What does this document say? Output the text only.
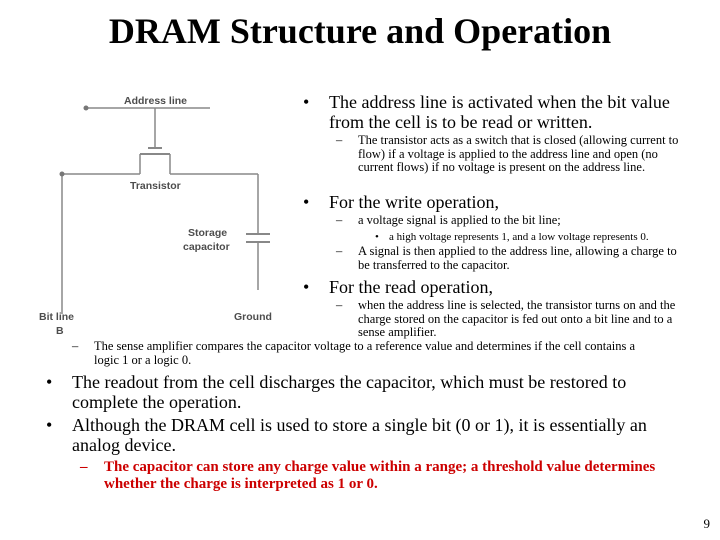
DRAM Structure and Operation
Address line
Transistor
Storage
capacitor
Bit line
B
Ground
•	The address line is activated when the bit value from the cell is to be read or written.
–	The transistor acts as a switch that is closed (allowing current to flow) if a voltage is applied to the address line and open (no current flows) if no voltage is present on the address line.
•	For the write operation,
–	a voltage signal is applied to the bit line;
• a high voltage represents 1, and a low voltage represents 0.
–	A signal is then applied to the address line, allowing a charge to be transferred to the capacitor.
•	For the read operation,
–	when the address line is selected, the transistor turns on and the charge stored on the capacitor is fed out onto a bit line and to a sense amplifier.
–	The sense amplifier compares the capacitor voltage to a reference value and determines if the cell contains a logic 1 or a logic 0.
•	The readout from the cell discharges the capacitor, which must be restored to complete the operation.
•	Although the DRAM cell is used to store a single bit (0 or 1), it is essentially an analog device.
–	The capacitor can store any charge value within a range; a threshold value determines whether the charge is interpreted as 1 or 0.
9
